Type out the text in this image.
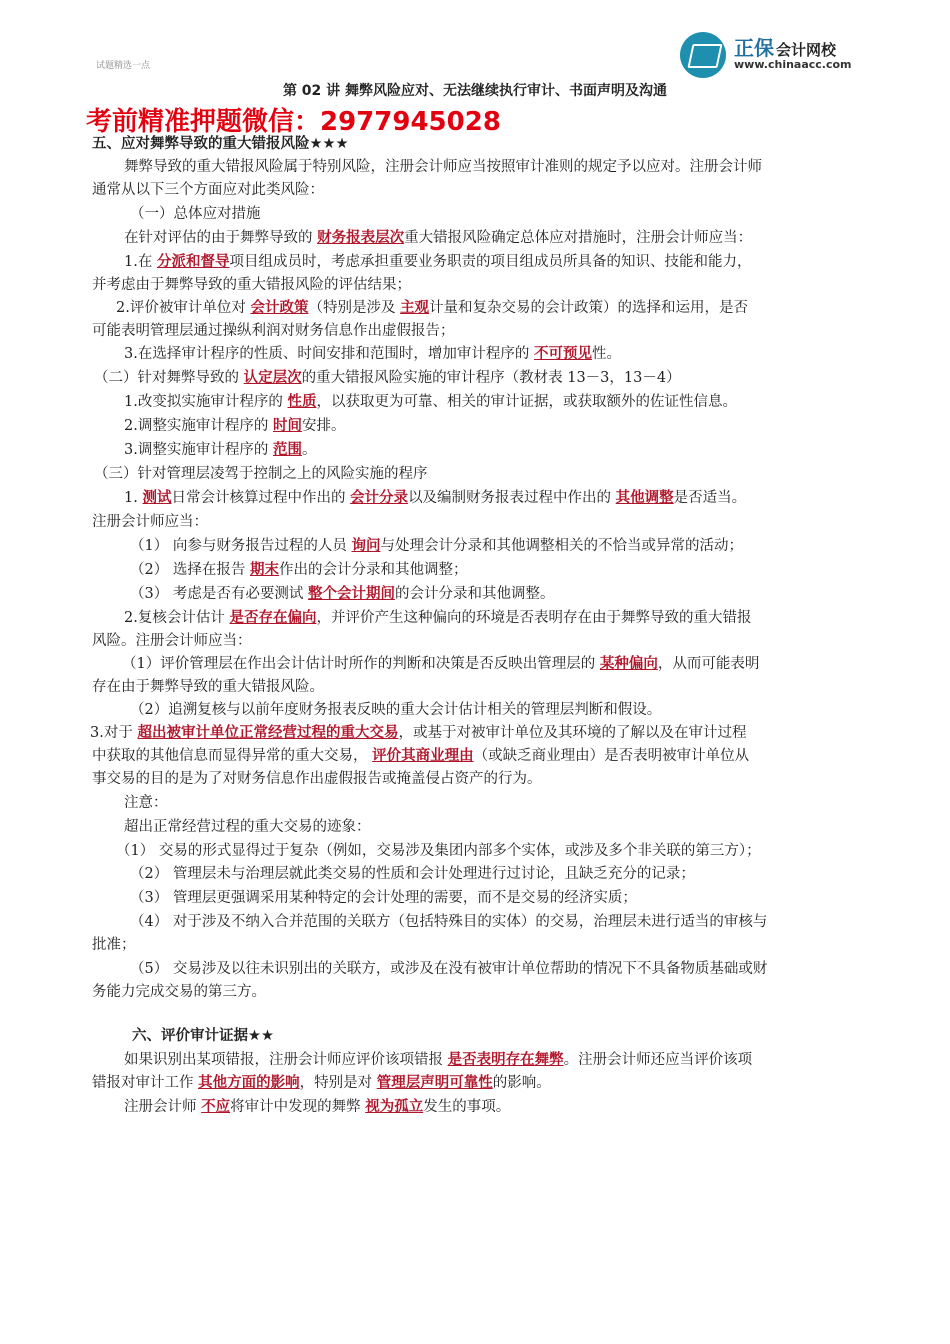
试题精选一点
正保 会计网校
www.chinaacc.com
第 02 讲 舞弊风险应对、无法继续执行审计、书面声明及沟通
考前精准押题微信：2977945028
五、应对舞弊导致的重大错报风险★★★
舞弊导致的重大错报风险属于特别风险，注册会计师应当按照审计准则的规定予以应对。注册会计师
通常从以下三个方面应对此类风险：
（一）总体应对措施
在针对评估的由于舞弊导致的 财务报表层次重大错报风险确定总体应对措施时，注册会计师应当：
1.在 分派和督导项目组成员时，考虑承担重要业务职责的项目组成员所具备的知识、技能和能力，
并考虑由于舞弊导致的重大错报风险的评估结果；
2.评价被审计单位对 会计政策（特别是涉及 主观计量和复杂交易的会计政策）的选择和运用，是否
可能表明管理层通过操纵利润对财务信息作出虚假报告；
3.在选择审计程序的性质、时间安排和范围时，增加审计程序的 不可预见性。
（二）针对舞弊导致的 认定层次的重大错报风险实施的审计程序（教材表 13－3，13－4）
1.改变拟实施审计程序的 性质，以获取更为可靠、相关的审计证据，或获取额外的佐证性信息。
2.调整实施审计程序的 时间安排。
3.调整实施审计程序的 范围。
（三）针对管理层凌驾于控制之上的风险实施的程序
1. 测试日常会计核算过程中作出的 会计分录以及编制财务报表过程中作出的 其他调整是否适当。
注册会计师应当：
（1） 向参与财务报告过程的人员 询问与处理会计分录和其他调整相关的不恰当或异常的活动；
（2） 选择在报告 期末作出的会计分录和其他调整；
（3） 考虑是否有必要测试 整个会计期间的会计分录和其他调整。
2.复核会计估计 是否存在偏向，并评价产生这种偏向的环境是否表明存在由于舞弊导致的重大错报
风险。注册会计师应当：
（1）评价管理层在作出会计估计时所作的判断和决策是否反映出管理层的 某种偏向，从而可能表明
存在由于舞弊导致的重大错报风险。
（2）追溯复核与以前年度财务报表反映的重大会计估计相关的管理层判断和假设。
3.对于 超出被审计单位正常经营过程的重大交易，或基于对被审计单位及其环境的了解以及在审计过程
中获取的其他信息而显得异常的重大交易， 评价其商业理由（或缺乏商业理由）是否表明被审计单位从
事交易的目的是为了对财务信息作出虚假报告或掩盖侵占资产的行为。
注意：
超出正常经营过程的重大交易的迹象：
（1） 交易的形式显得过于复杂（例如，交易涉及集团内部多个实体，或涉及多个非关联的第三方）；
（2） 管理层未与治理层就此类交易的性质和会计处理进行过讨论，且缺乏充分的记录；
（3） 管理层更强调采用某种特定的会计处理的需要，而不是交易的经济实质；
（4） 对于涉及不纳入合并范围的关联方（包括特殊目的实体）的交易，治理层未进行适当的审核与
批准；
（5） 交易涉及以往未识别出的关联方，或涉及在没有被审计单位帮助的情况下不具备物质基础或财
务能力完成交易的第三方。
六、评价审计证据★★
如果识别出某项错报，注册会计师应评价该项错报 是否表明存在舞弊。注册会计师还应当评价该项
错报对审计工作 其他方面的影响，特别是对 管理层声明可靠性的影响。
注册会计师 不应将审计中发现的舞弊 视为孤立发生的事项。
